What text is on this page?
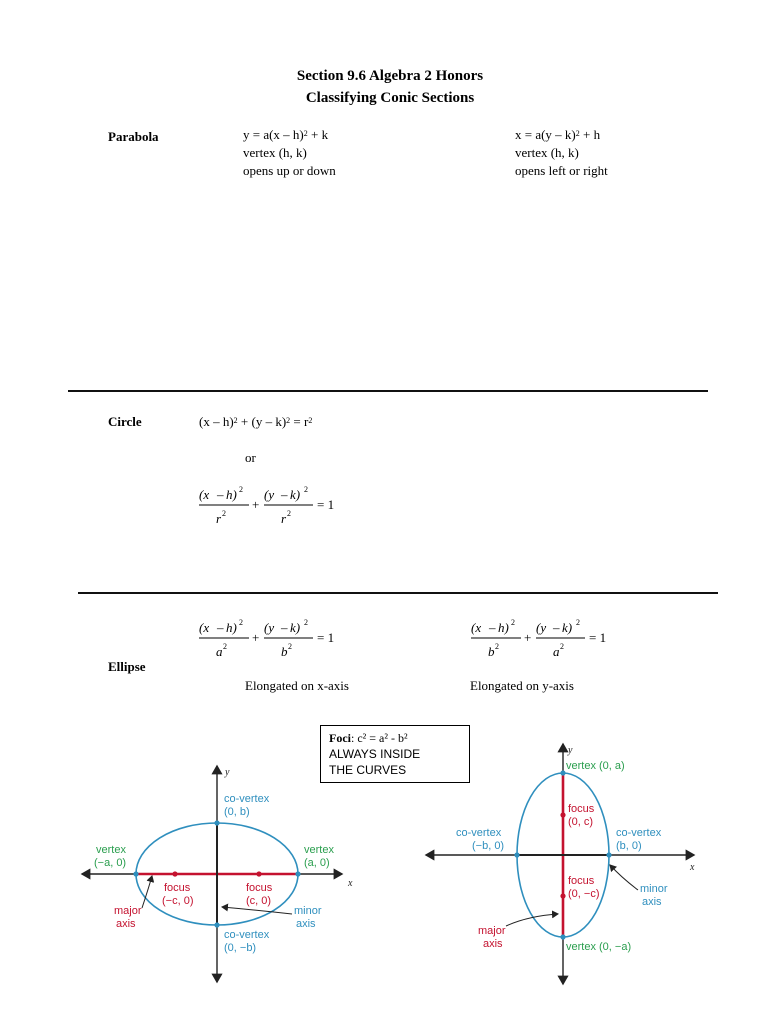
Section 9.6 Algebra 2 Honors
Classifying Conic Sections
Parabola	y = a(x – h)$^2$ + k
vertex (h, k)
opens up or down
x = a(y – k)$^2$ + h
vertex (h, k)
opens left or right
Circle	$(x - h)^2 + (y - k)^2 = r^2$
or
(x – h) 2
r 2
+
(y – k) 2
r 2
= 1
(x – h) 2
a 2
+
(y – k) 2
b 2
= 1
(x – h) 2
b 2
+
(y – k) 2
a 2
= 1
Ellipse
Elongated on x-axis	Elongated on y-axis
Foci: c² = a² - b²
ALWAYS INSIDE
THE CURVES
x
y
co-vertex
(0, b)
vertex
(−a, 0)
vertex
(a, 0)
focus
(−c, 0)
focus
(c, 0)
major
axis
minor
axis
co-vertex
(0, −b)
x
y
vertex (0, a)
focus
(0, c)
co-vertex
(−b, 0)
co-vertex
(b, 0)
focus
(0, −c)	minor
axis
major
axis	vertex (0, −a)
